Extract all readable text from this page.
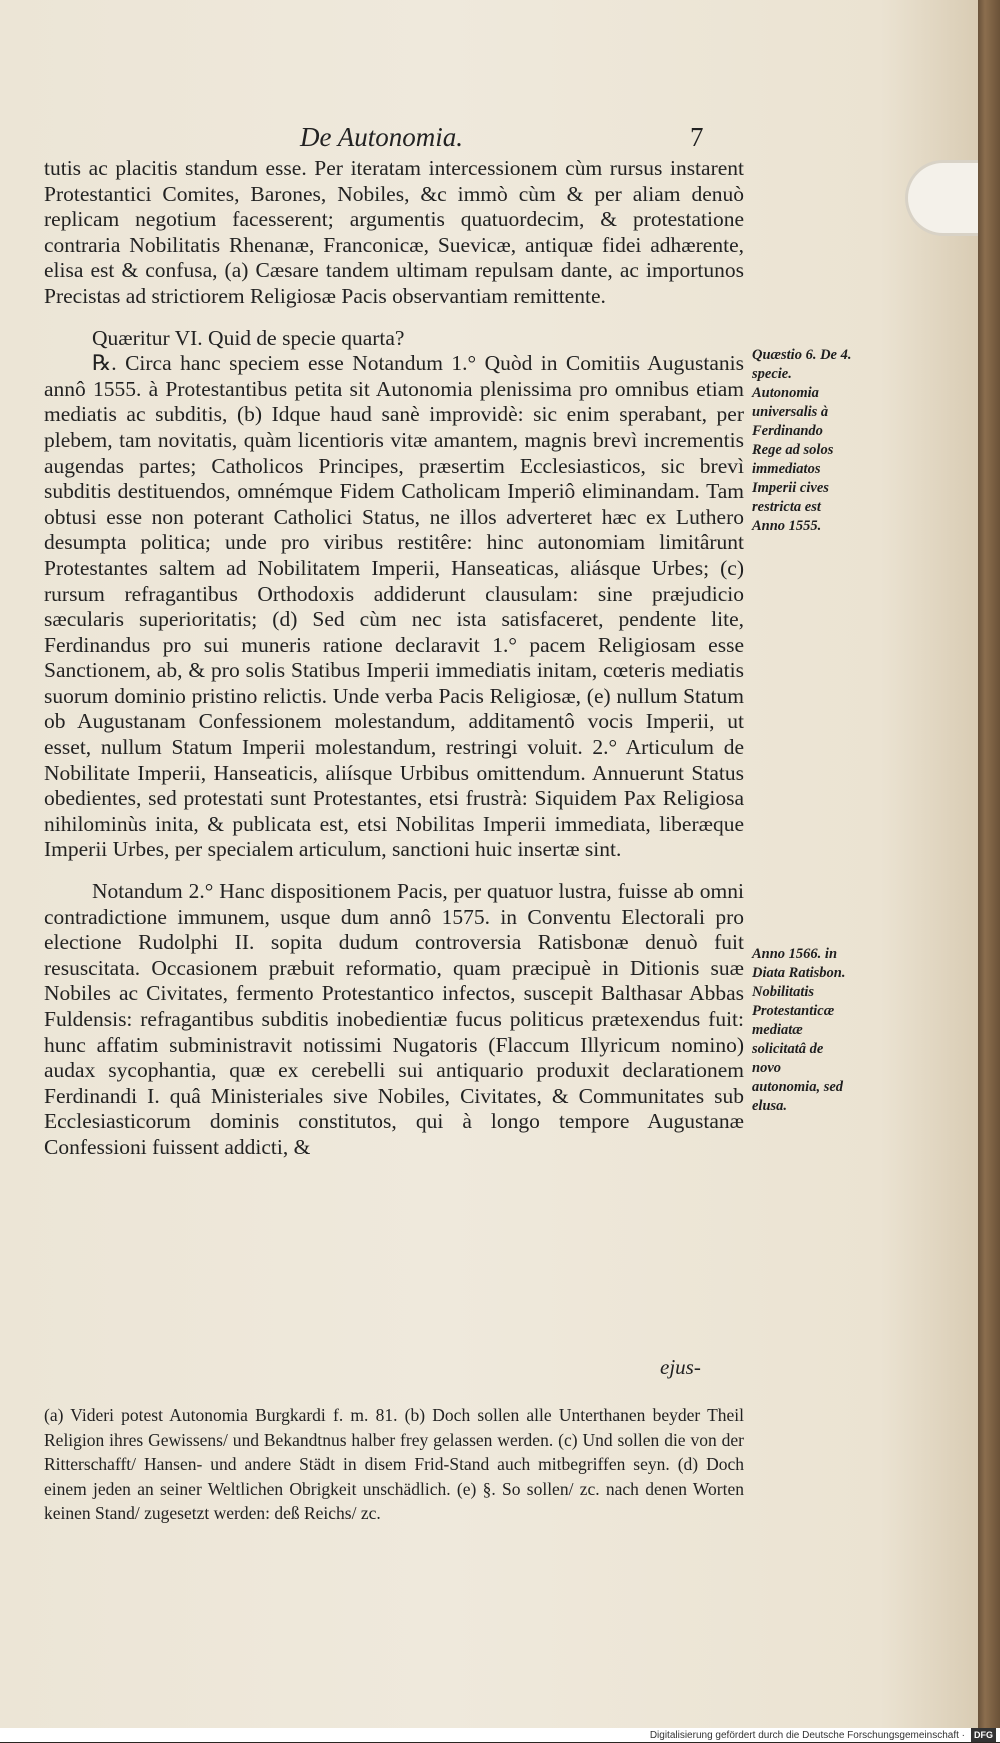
De Autonomia.	7

tutis ac placitis standum esse. Per iteratam intercessionem cùm rursus instarent Protestantici Comites, Barones, Nobiles, &c immò cùm & per aliam denuò replicam negotium facesserent; argumentis quatuordecim, & protestatione contraria Nobilitatis Rhenanæ, Franconicæ, Suevicæ, antiquæ fidei adhærente, elisa est & confusa, (a) Cæsare tandem ultimam repulsam dante, ac importunos Precistas ad strictiorem Religiosæ Pacis observantiam remittente.

Quæritur VI. Quid de specie quarta?

℞. Circa hanc speciem esse Notandum 1.° Quòd in Comitiis Augustanis annô 1555. à Protestantibus petita sit Autonomia plenissima pro omnibus etiam mediatis ac subditis, (b) Idque haud sanè improvidè: sic enim sperabant, per plebem, tam novitatis, quàm licentioris vitæ amantem, magnis brevì incrementis augendas partes; Catholicos Principes, præsertim Ecclesiasticos, sic brevì subditis destituendos, omnémque Fidem Catholicam Imperiô eliminandam. Tam obtusi esse non poterant Catholici Status, ne illos adverteret hæc ex Luthero desumpta politica; unde pro viribus restitêre: hinc autonomiam limitârunt Protestantes saltem ad Nobilitatem Imperii, Hanseaticas, aliásque Urbes; (c) rursum refragantibus Orthodoxis addiderunt clausulam: sine præjudicio sæcularis superioritatis; (d) Sed cùm nec ista satisfaceret, pendente lite, Ferdinandus pro sui muneris ratione declaravit 1.° pacem Religiosam esse Sanctionem, ab, & pro solis Statibus Imperii immediatis initam, cœteris mediatis suorum dominio pristino relictis. Unde verba Pacis Religiosæ, (e) nullum Statum ob Augustanam Confessionem molestandum, additamentô vocis Imperii, ut esset, nullum Statum Imperii molestandum, restringi voluit. 2.° Articulum de Nobilitate Imperii, Hanseaticis, aliísque Urbibus omittendum. Annuerunt Status obedientes, sed protestati sunt Protestantes, etsi frustrà: Siquidem Pax Religiosa nihilominùs inita, & publicata est, etsi Nobilitas Imperii immediata, liberæque Imperii Urbes, per specialem articulum, sanctioni huic insertæ sint.

Notandum 2.° Hanc dispositionem Pacis, per quatuor lustra, fuisse ab omni contradictione immunem, usque dum annô 1575. in Conventu Electorali pro electione Rudolphi II. sopita dudum controversia Ratisbonæ denuò fuit resuscitata. Occasionem præbuit reformatio, quam præcipuè in Ditionis suæ Nobiles ac Civitates, fermento Protestantico infectos, suscepit Balthasar Abbas Fuldensis: refragantibus subditis inobedientiæ fucus politicus prætexendus fuit: hunc affatim subministravit notissimi Nugatoris (Flaccum Illyricum nomino) audax sycophantia, quæ ex cerebelli sui antiquario produxit declarationem Ferdinandi I. quâ Ministeriales sive Nobiles, Civitates, & Communitates sub Ecclesiasticorum dominis constitutos, qui à longo tempore Augustanæ Confessioni fuissent addicti, &

Quæstio 6. De 4. specie. Autonomia universalis à Ferdinando Rege ad solos immediatos Imperii cives restricta est Anno 1555.
Anno 1566. in Diata Ratisbon. Nobilitatis Protestanticæ mediatæ solicitatâ de novo autonomia, sed elusa.
ejus-

(a) Videri potest Autonomia Burgkardi f. m. 81. (b) Doch sollen alle Unterthanen beyder Theil Religion ihres Gewissens/ und Bekandtnus halber frey gelassen werden. (c) Und sollen die von der Ritterschafft/ Hansen- und andere Städt in disem Frid-Stand auch mitbegriffen seyn. (d) Doch einem jeden an seiner Weltlichen Obrigkeit unschädlich. (e) §. So sollen/ zc. nach denen Worten keinen Stand/ zugesetzt werden: deß Reichs/ zc.

Digitalisierung gefördert durch die Deutsche Forschungsgemeinschaft · DFG
